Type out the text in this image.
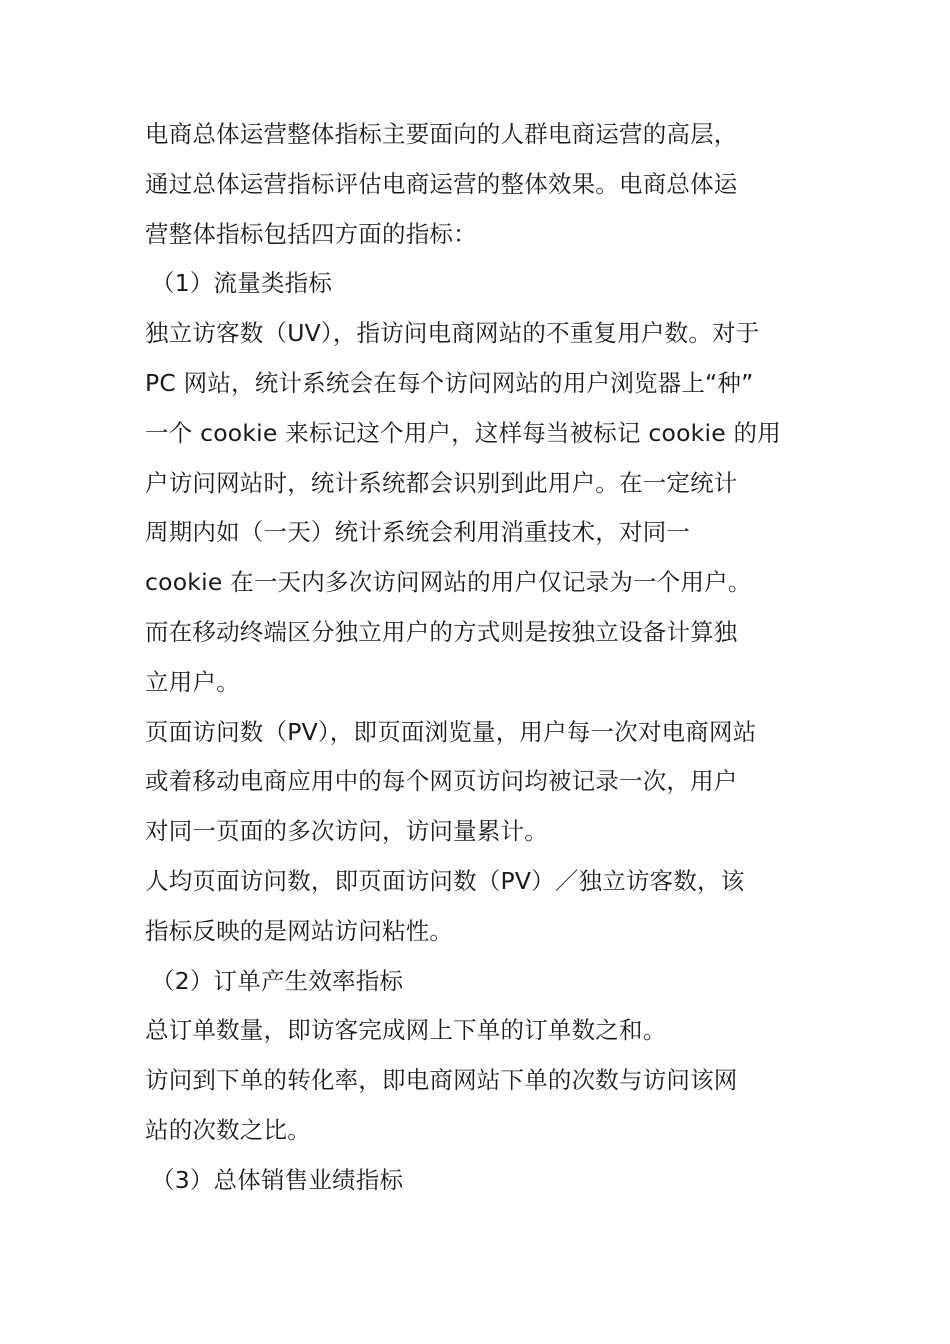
电商总体运营整体指标主要面向的人群电商运营的高层，
通过总体运营指标评估电商运营的整体效果。电商总体运
营整体指标包括四方面的指标：
（1）流量类指标
独立访客数（UV），指访问电商网站的不重复用户数。对于
PC 网站，统计系统会在每个访问网站的用户浏览器上“种”
一个 cookie 来标记这个用户，这样每当被标记 cookie 的用
户访问网站时，统计系统都会识别到此用户。在一定统计
周期内如（一天）统计系统会利用消重技术，对同一
cookie 在一天内多次访问网站的用户仅记录为一个用户。
而在移动终端区分独立用户的方式则是按独立设备计算独
立用户。
页面访问数（PV），即页面浏览量，用户每一次对电商网站
或着移动电商应用中的每个网页访问均被记录一次，用户
对同一页面的多次访问，访问量累计。
人均页面访问数，即页面访问数（PV）／独立访客数，该
指标反映的是网站访问粘性。
（2）订单产生效率指标
总订单数量，即访客完成网上下单的订单数之和。
访问到下单的转化率，即电商网站下单的次数与访问该网
站的次数之比。
（3）总体销售业绩指标
